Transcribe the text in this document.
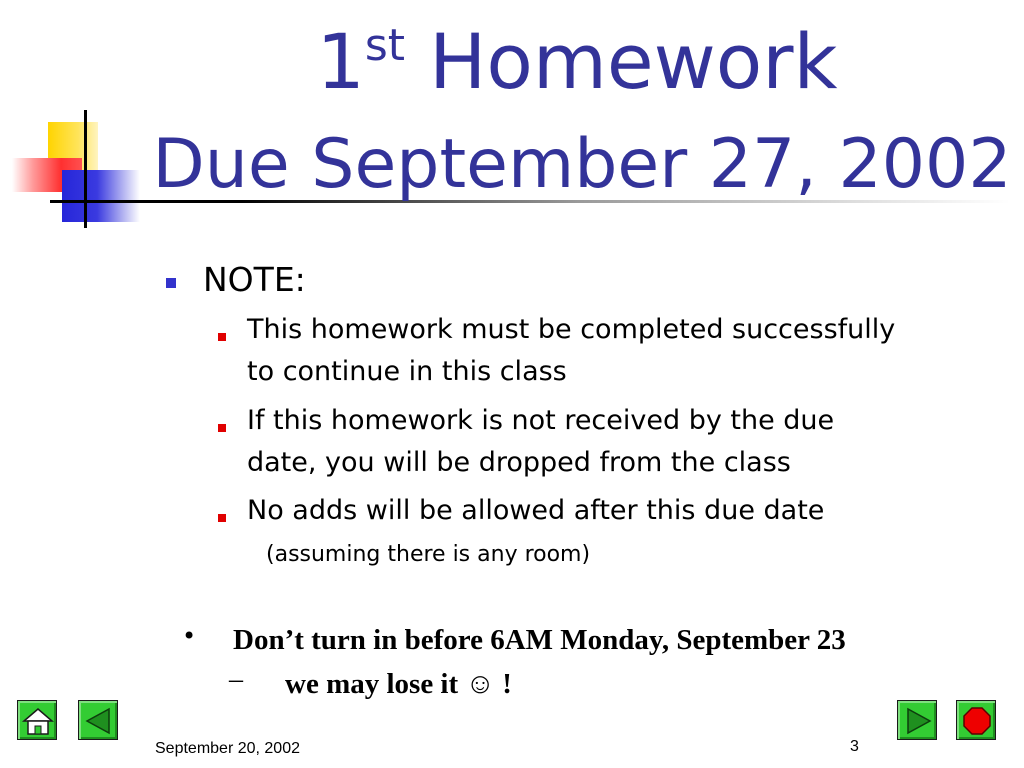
1st Homework
Due September 27, 2002
NOTE:
This homework must be completed successfully
to continue in this class
If this homework is not received by the due
date, you will be dropped from the class
No adds will be allowed after this due date
(assuming there is any room)
• Don’t turn in before 6AM Monday, September 23
– we may lose it ☺ !
September 20, 2002	3
